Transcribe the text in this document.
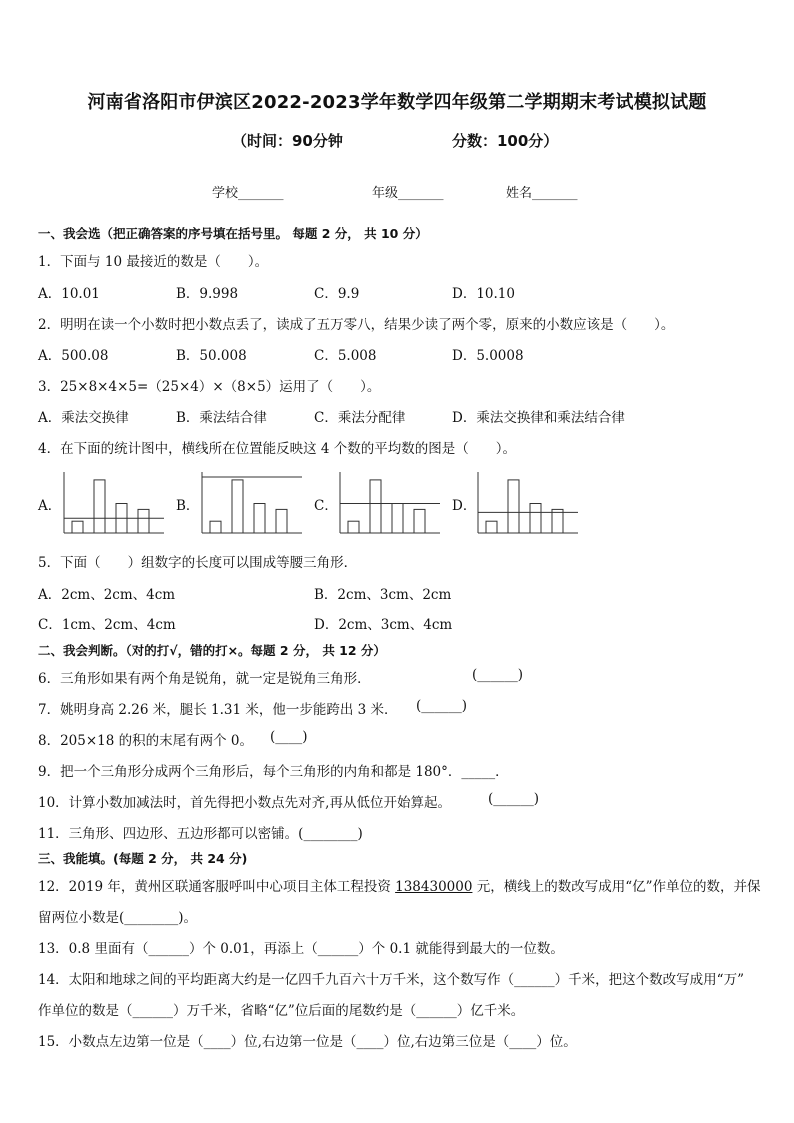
河南省洛阳市伊滨区2022-2023学年数学四年级第二学期期末考试模拟试题
（时间：90分钟	分数：100分）
学校_______	年级_______	姓名_______
一、我会选（把正确答案的序号填在括号里。 每题 2 分， 共 10 分）
1．下面与 10 最接近的数是（　　）。
A．10.01	B．9.998	C．9.9	D．10.10
2．明明在读一个小数时把小数点丢了，读成了五万零八，结果少读了两个零，原来的小数应该是（　　）。
A．500.08	B．50.008	C．5.008	D．5.0008
3．25×8×4×5=（25×4）×（8×5）运用了（　　）。
A．乘法交换律	B．乘法结合律	C．乘法分配律	D．乘法交换律和乘法结合律
4．在下面的统计图中，横线所在位置能反映这 4 个数的平均数的图是（　　）。
A．	B．	C．	D．
5．下面（　　）组数字的长度可以围成等腰三角形．
A．2cm、2cm、4cm	B．2cm、3cm、2cm
C．1cm、2cm、4cm	D．2cm、3cm、4cm
二、我会判断。（对的打√，错的打×。每题 2 分， 共 12 分）
6．三角形如果有两个角是锐角，就一定是锐角三角形．	(______)
7．姚明身高 2.26 米，腿长 1.31 米，他一步能跨出 3 米． (______)
8．205×18 的积的末尾有两个 0。 (____)
9．把一个三角形分成两个三角形后，每个三角形的内角和都是 180°．_____．
10．计算小数加减法时，首先得把小数点先对齐,再从低位开始算起。	(______)
11．三角形、四边形、五边形都可以密铺。(________)
三、我能填。(每题 2 分， 共 24 分)
12．2019 年，黄州区联通客服呼叫中心项目主体工程投资 138430000 元，横线上的数改写成用“亿”作单位的数，并保
留两位小数是(________)。
13．0.8 里面有（______）个 0.01，再添上（______）个 0.1 就能得到最大的一位数。
14．太阳和地球之间的平均距离大约是一亿四千九百六十万千米，这个数写作（______）千米，把这个数改写成用“万”
作单位的数是（______）万千米，省略“亿”位后面的尾数约是（______）亿千米。
15．小数点左边第一位是（____）位,右边第一位是（____）位,右边第三位是（____）位。
